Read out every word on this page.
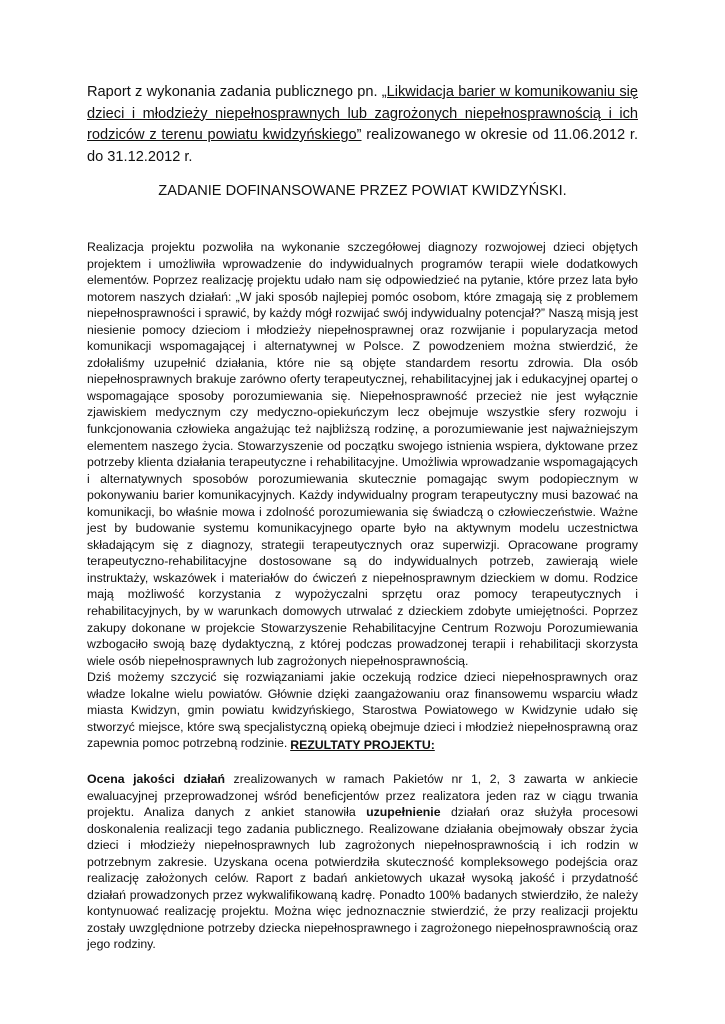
Raport z wykonania zadania publicznego pn. „Likwidacja barier w komunikowaniu się dzieci i młodzieży niepełnosprawnych lub zagrożonych niepełnosprawnością i ich rodziców z terenu powiatu kwidzyńskiego” realizowanego w okresie od 11.06.2012 r. do 31.12.2012 r.
ZADANIE DOFINANSOWANE PRZEZ POWIAT KWIDZYŃSKI.

Realizacja projektu pozwoliła na wykonanie szczegółowej diagnozy rozwojowej dzieci objętych projektem i umożliwiła wprowadzenie do indywidualnych programów terapii wiele dodatkowych elementów. Poprzez realizację projektu udało nam się odpowiedzieć na pytanie, które przez lata było motorem naszych działań: „W jaki sposób najlepiej pomóc osobom, które zmagają się z problemem niepełnosprawności i sprawić, by każdy mógł rozwijać swój indywidualny potencjał?” Naszą misją jest niesienie pomocy dzieciom i młodzieży niepełnosprawnej oraz rozwijanie i popularyzacja metod komunikacji wspomagającej i alternatywnej w Polsce. Z powodzeniem można stwierdzić, że zdołaliśmy uzupełnić działania, które nie są objęte standardem resortu zdrowia. Dla osób niepełnosprawnych brakuje zarówno oferty terapeutycznej, rehabilitacyjnej jak i edukacyjnej opartej o wspomagające sposoby porozumiewania się. Niepełnosprawność przecież nie jest wyłącznie zjawiskiem medycznym czy medyczno-opiekuńczym lecz obejmuje wszystkie sfery rozwoju i funkcjonowania człowieka angażując też najbliższą rodzinę, a porozumiewanie jest najważniejszym elementem naszego życia. Stowarzyszenie od początku swojego istnienia wspiera, dyktowane przez potrzeby klienta działania terapeutyczne i rehabilitacyjne. Umożliwia wprowadzanie wspomagających i alternatywnych sposobów porozumiewania skutecznie pomagając swym podopiecznym w pokonywaniu barier komunikacyjnych. Każdy indywidualny program terapeutyczny musi bazować na komunikacji, bo właśnie mowa i zdolność porozumiewania się świadczą o człowieczeństwie. Ważne jest by budowanie systemu komunikacyjnego oparte było na aktywnym modelu uczestnictwa składającym się z diagnozy, strategii terapeutycznych oraz superwizji. Opracowane programy terapeutyczno-rehabilitacyjne dostosowane są do indywidualnych potrzeb, zawierają wiele instruktaży, wskazówek i materiałów do ćwiczeń z niepełnosprawnym dzieckiem w domu. Rodzice mają możliwość korzystania z wypożyczalni sprzętu oraz pomocy terapeutycznych i rehabilitacyjnych, by w warunkach domowych utrwalać z dzieckiem zdobyte umiejętności. Poprzez zakupy dokonane w projekcie Stowarzyszenie Rehabilitacyjne Centrum Rozwoju Porozumiewania wzbogaciło swoją bazę dydaktyczną, z której podczas prowadzonej terapii i rehabilitacji skorzysta wiele osób niepełnosprawnych lub zagrożonych niepełnosprawnością.

Dziś możemy szczycić się rozwiązaniami jakie oczekują rodzice dzieci niepełnosprawnych oraz władze lokalne wielu powiatów. Głównie dzięki zaangażowaniu oraz finansowemu wsparciu władz miasta Kwidzyn, gmin powiatu kwidzyńskiego, Starostwa Powiatowego w Kwidzynie udało się stworzyć miejsce, które swą specjalistyczną opieką obejmuje dzieci i młodzież niepełnosprawną oraz zapewnia pomoc potrzebną rodzinie. REZULTATY PROJEKTU:

Ocena jakości działań zrealizowanych w ramach Pakietów nr 1, 2, 3 zawarta w ankiecie ewaluacyjnej przeprowadzonej wśród beneficjentów przez realizatora jeden raz w ciągu trwania projektu. Analiza danych z ankiet stanowiła uzupełnienie działań oraz służyła procesowi doskonalenia realizacji tego zadania publicznego. Realizowane działania obejmowały obszar życia dzieci i młodzieży niepełnosprawnych lub zagrożonych niepełnosprawnością i ich rodzin w potrzebnym zakresie. Uzyskana ocena potwierdziła skuteczność kompleksowego podejścia oraz realizację założonych celów. Raport z badań ankietowych ukazał wysoką jakość i przydatność działań prowadzonych przez wykwalifikowaną kadrę. Ponadto 100% badanych stwierdziło, że należy kontynuować realizację projektu. Można więc jednoznacznie stwierdzić, że przy realizacji projektu zostały uwzględnione potrzeby dziecka niepełnosprawnego i zagrożonego niepełnosprawnością oraz jego rodziny.
